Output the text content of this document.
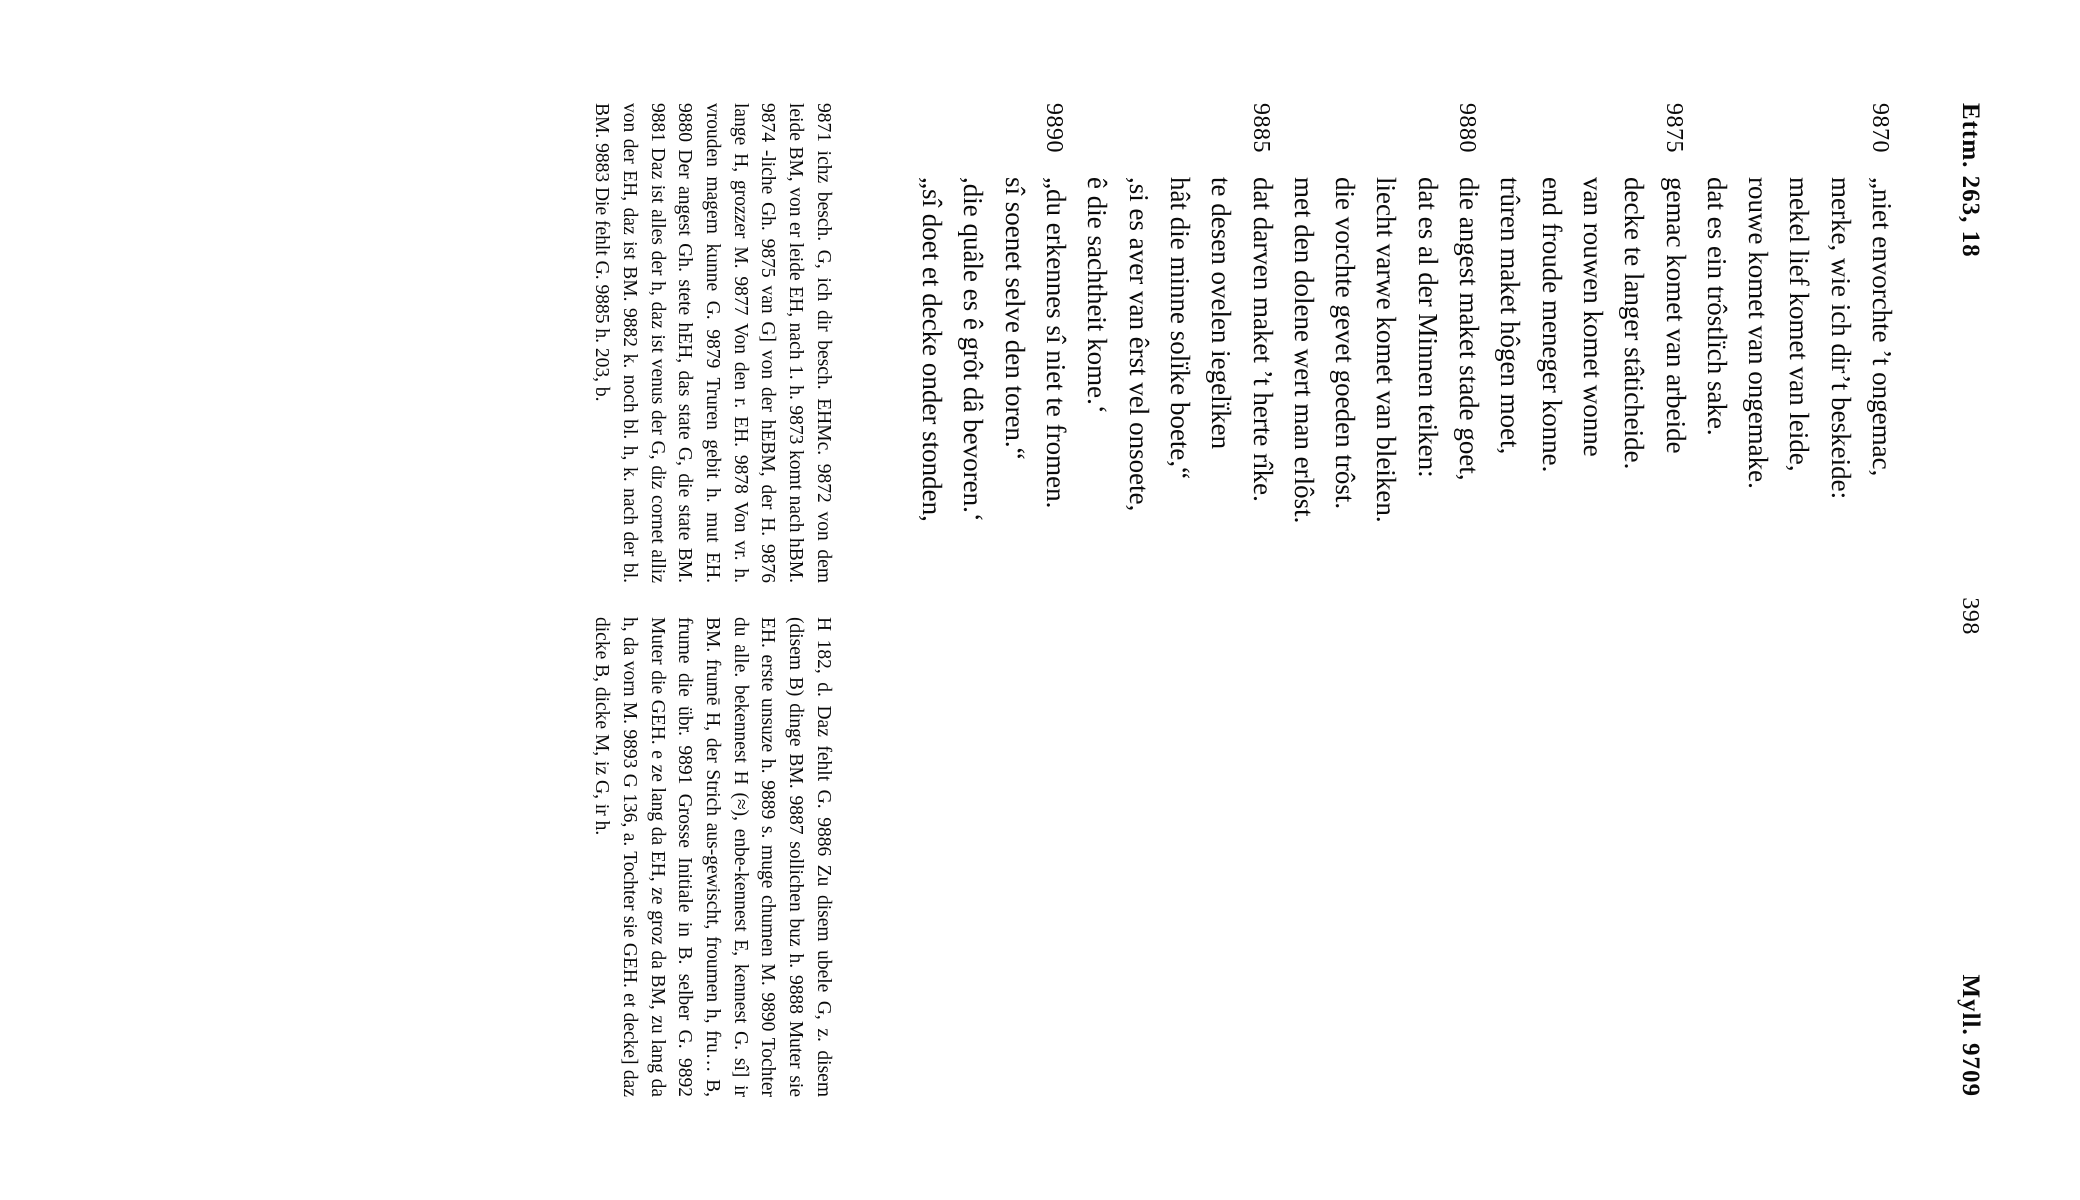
Ettm. 263, 18
398
Myll. 9709
9870
„niet envorchte ’t ongemac,
merke, wie ich dir’t beskeide:
mekel lief komet van leide,
rouwe komet van ongemake.
dat es ein trôstlïch sake.
9875
gemac komet van arbeide
decke te langer stâticheide.
van rouwen komet wonne
end froude meneger konne.
trûren maket hôgen moet,
9880
die angest maket stade goet,
dat es al der Minnen teiken:
liecht varwe komet van bleiken.
die vorchte gevet goeden trôst.
met den dolene wert man erlôst.
9885
dat darven maket ’t herte rîke.
te desen ovelen iegelïken
hât die minne solïke boete,“
,si es aver van êrst vel onsoete,
ê die sachtheit kome.‘
9890
„du erkennes sî niet te fromen.
sî soenet selve den toren.“
,die quâle es ê grôt dâ bevoren.‘
„sî doet et decke onder stonden,

9871 ichz besch. G, ich dir besch. EHMc. 9872 von dem leide BM, von er leide EH, nach 1. h. 9873 komt nach hBM. 9874 -liche Gh. 9875 van G] von der hEBM, der H. 9876 lange H, grozzer M. 9877 Von den r. EH. 9878 Von vr. h. vrouden magem kunne G. 9879 Truren gebit h. mut EH. 9880 Der angest Gh. stete hEH, das state G, die state BM. 9881 Daz ist alles der h, daz ist venus der G, diz cornet alliz von der EH, daz ist BM. 9882 k. noch bl. h, k. nach der bl. BM. 9883 Die fehlt G. 9885 h. 203, b.

H 182, d. Daz fehlt G. 9886 Zu disem ubele G, z. disem (disem B) dinge BM. 9887 sollichen buz h. 9888 Muter sie EH. erste unsuze h. 9889 s. muge chumen M. 9890 Tochter du alle. bekennest H (≈), enbe-kennest E, kennest G. sî] ir BM. frumē H, der Strich aus-gewischt, froumen h, fru… B, frume die übr. 9891 Grosse Initiale in B. selber G. 9892 Muter die GEH. e ze lang da EH, ze groz da BM, zu lang da h, da vorn M. 9893 G 136, a. Tochter sie GEH. et decke] daz dicke B, dicke M, iz G, ir h.
